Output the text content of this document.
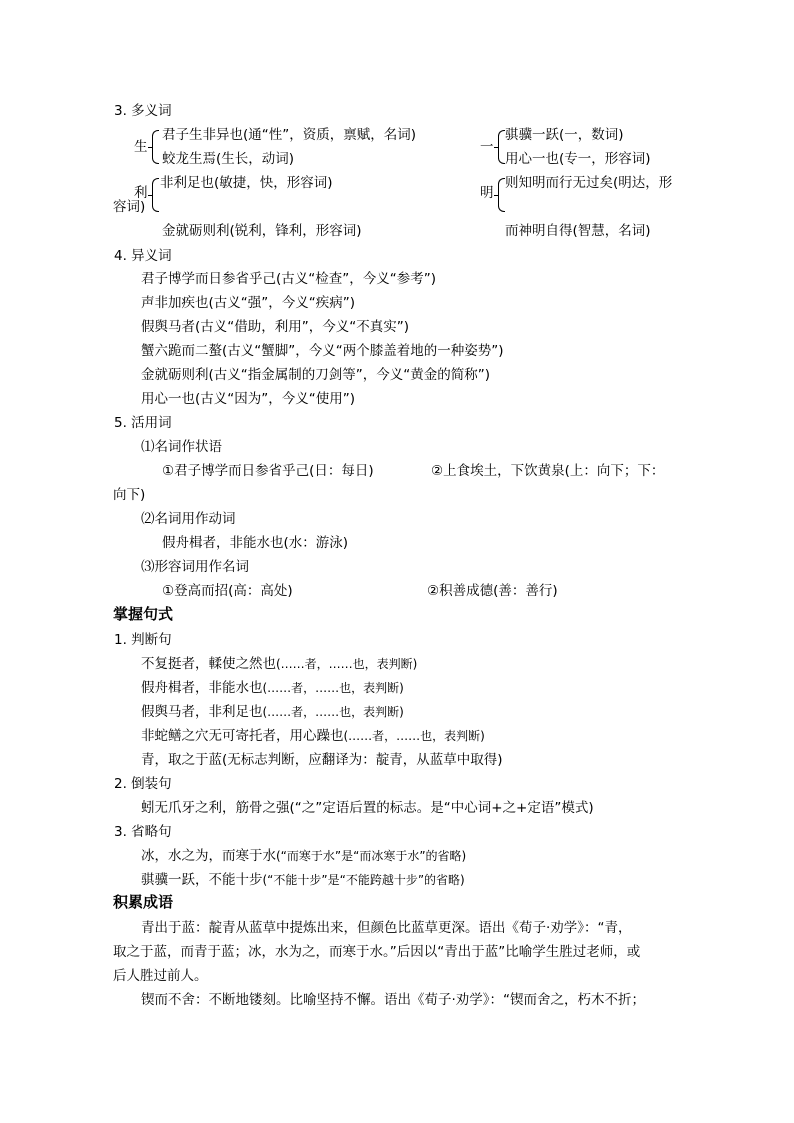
3. 多义词
生
君子生非异也(通“性”，资质，禀赋，名词)
蛟龙生焉(生长，动词)
一
骐骥一跃(一，数词)
用心一也(专一，形容词)
利
非利足也(敏捷，快，形容词)
容词)
金就砺则利(锐利，锋利，形容词)
明
则知明而行无过矣(明达，形
而神明自得(智慧，名词)
4. 异义词
君子博学而日参省乎己(古义“检查”，今义“参考”)
声非加疾也(古义“强”，今义“疾病”)
假舆马者(古义“借助，利用”，今义“不真实”)
蟹六跪而二螯(古义“蟹脚”，今义“两个膝盖着地的一种姿势”)
金就砺则利(古义“指金属制的刀剑等”，今义“黄金的简称”)
用心一也(古义“因为”，今义“使用”)
5. 活用词
⑴名词作状语
①君子博学而日参省乎己(日：每日)	②上食埃土，下饮黄泉(上：向下；下：
向下)
⑵名词用作动词
假舟楫者，非能水也(水：游泳)
⑶形容词用作名词
①登高而招(高：高处)	②积善成德(善：善行)
掌握句式
1. 判断句
不复挺者，輮使之然也(……者，……也，表判断)
假舟楫者，非能水也(……者，……也，表判断)
假舆马者，非利足也(……者，……也，表判断)
非蛇鳝之穴无可寄托者，用心躁也(……者，……也，表判断)
青，取之于蓝(无标志判断，应翻译为：靛青，从蓝草中取得)
2. 倒装句
蚓无爪牙之利，筋骨之强(“之”定语后置的标志。是“中心词+之+定语”模式)
3. 省略句
冰，水之为，而寒于水(“而寒于水”是“而冰寒于水”的省略)
骐骥一跃，不能十步(“不能十步”是“不能跨越十步”的省略)
积累成语
青出于蓝：靛青从蓝草中提炼出来，但颜色比蓝草更深。语出《荀子·劝学》：“青，
取之于蓝，而青于蓝；冰，水为之，而寒于水。”后因以“青出于蓝”比喻学生胜过老师，或
后人胜过前人。
锲而不舍：不断地镂刻。比喻坚持不懈。语出《荀子·劝学》：“锲而舍之，朽木不折；
